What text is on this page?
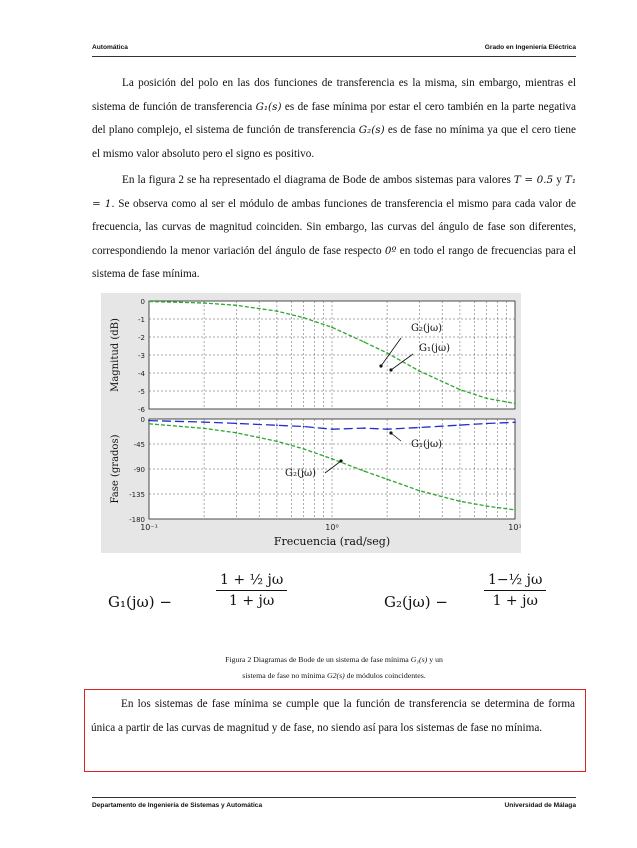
Automática	Grado en Ingeniería Eléctrica

La posición del polo en las dos funciones de transferencia es la misma, sin embargo, mientras el sistema de función de transferencia G₁(s) es de fase mínima por estar el cero también en la parte negativa del plano complejo, el sistema de función de transferencia G₂(s) es de fase no mínima ya que el cero tiene el mismo valor absoluto pero el signo es positivo.

En la figura 2 se ha representado el diagrama de Bode de ambos sistemas para valores T = 0.5 y T₁ = 1. Se observa como al ser el módulo de ambas funciones de transferencia el mismo para cada valor de frecuencia, las curvas de magnitud coinciden. Sin embargo, las curvas del ángulo de fase son diferentes, correspondiendo la menor variación del ángulo de fase respecto 0º en todo el rango de frecuencias para el sistema de fase mínima.

0
-1
-2
-3
-4
-5
-6
Magnitud (dB)
0
-45
-90
-135
-180
Fase (grados)
10⁻¹	10⁰	10¹
Frecuencia (rad/seg)
G₂(jω)
G₁(jω)
G₁(jω)
G₂(jω)
G₁(jω) −
1 + ½ jω
1 + jω	G₂(jω) −
1−½ jω
1 + jω

Figura 2 Diagramas de Bode de un sistema de fase mínima G₁(s) y un

sistema de fase no mínima G2(s) de módulos coincidentes.

En los sistemas de fase mínima se cumple que la función de transferencia se determina de forma única a partir de las curvas de magnitud y de fase, no siendo así para los sistemas de fase no mínima.

Departamento de Ingeniería de Sistemas y Automática	Universidad de Málaga
